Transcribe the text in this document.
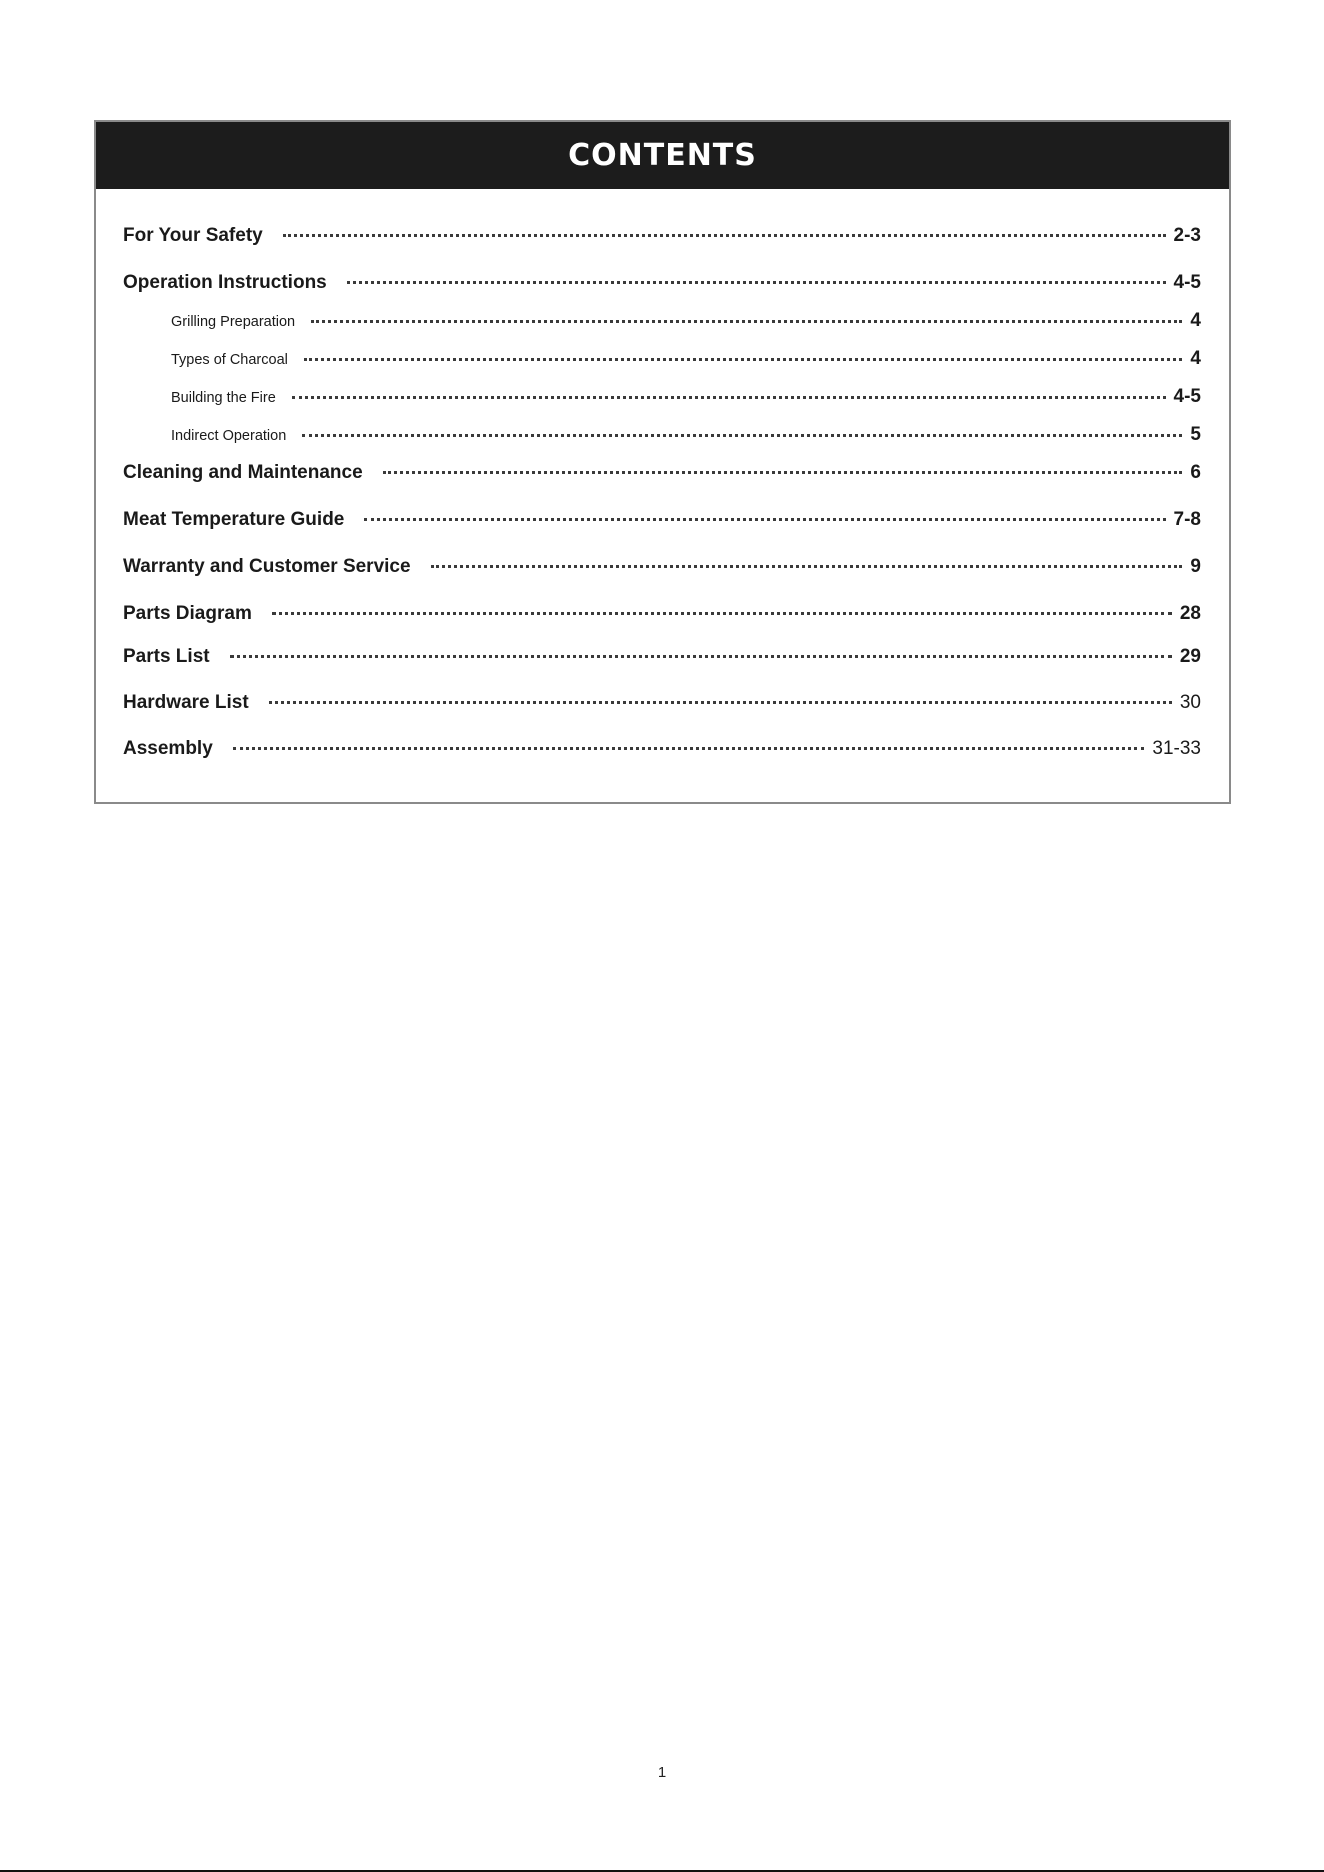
CONTENTS
For Your Safety	2-3
Operation Instructions	4-5
Grilling Preparation	4
Types of Charcoal	4
Building the Fire	4-5
Indirect Operation	5
Cleaning and Maintenance	6
Meat Temperature Guide	7-8
Warranty and Customer Service	9
Parts Diagram	28
Parts List	29
Hardware List	30
Assembly	31-33
1
